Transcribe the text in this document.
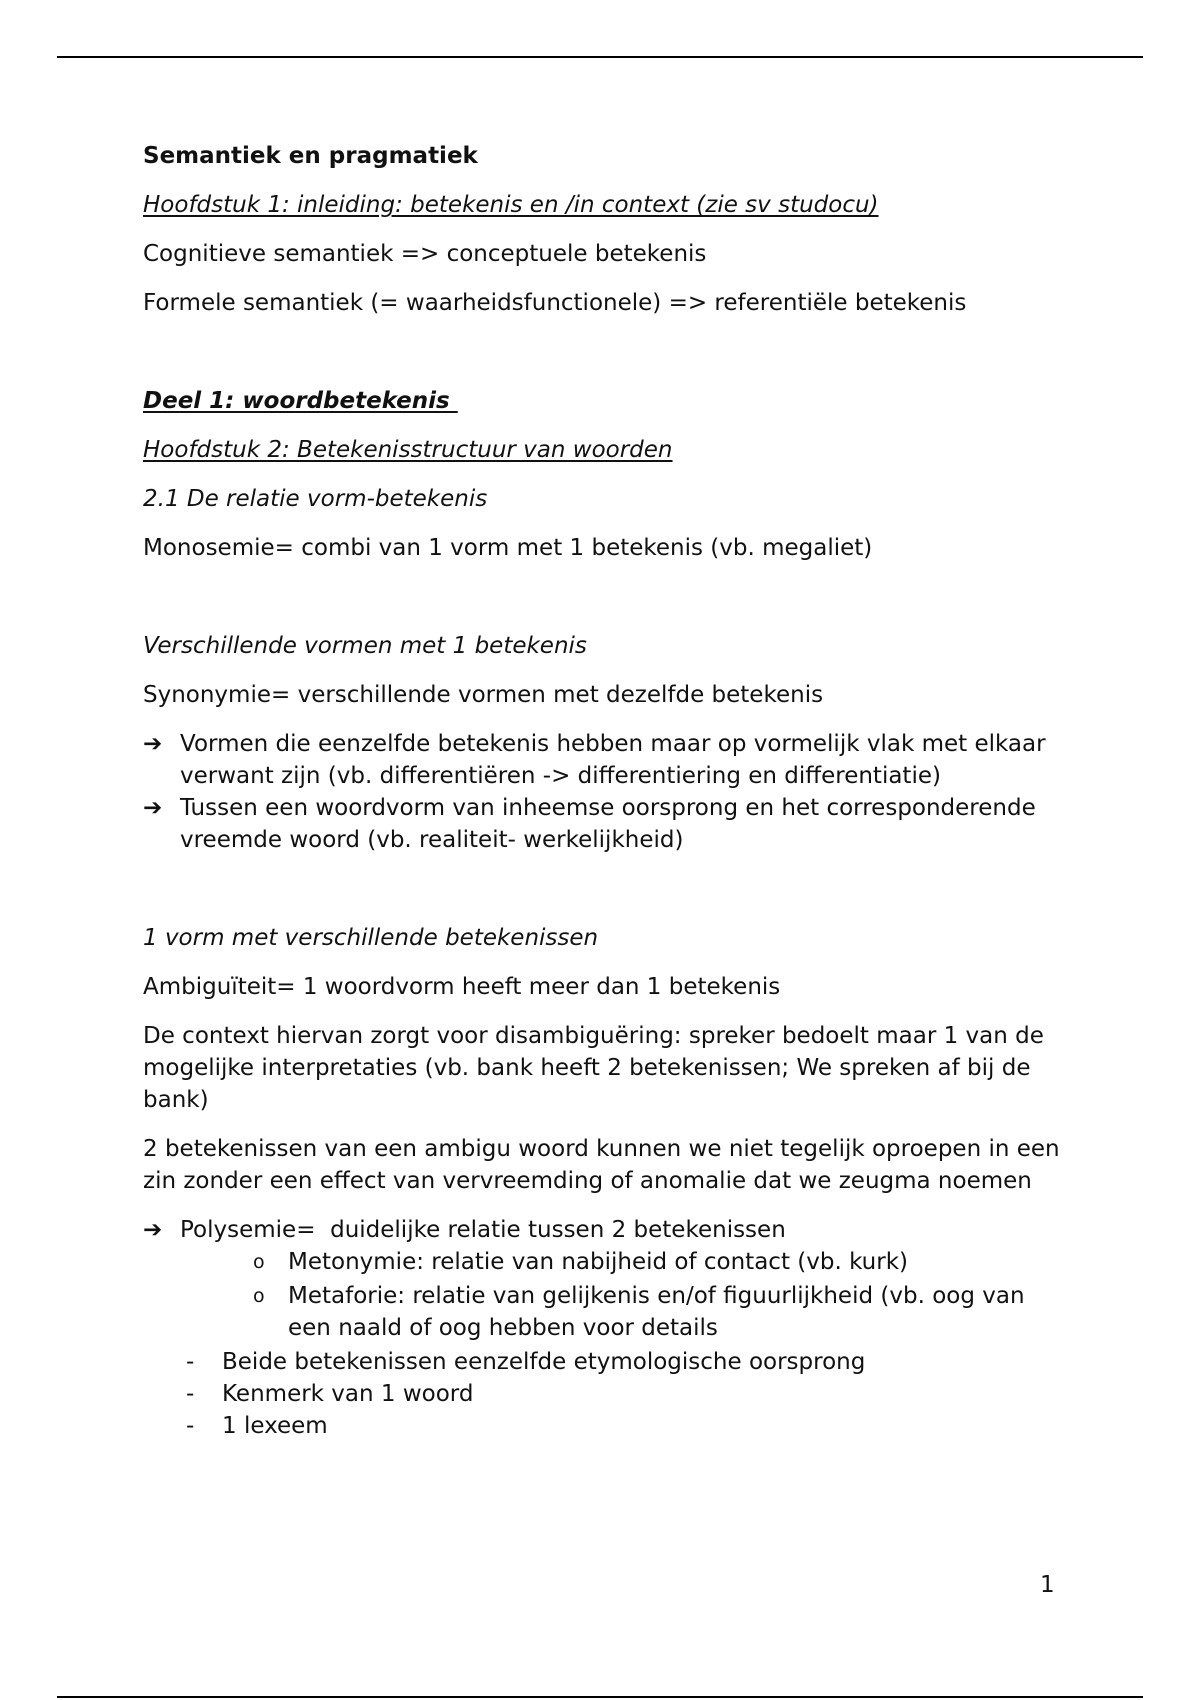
Semantiek en pragmatiek

Hoofdstuk 1: inleiding: betekenis en /in context (zie sv studocu)

Cognitieve semantiek => conceptuele betekenis

Formele semantiek (= waarheidsfunctionele) => referentiële betekenis

Deel 1: woordbetekenis

Hoofdstuk 2: Betekenisstructuur van woorden

2.1 De relatie vorm-betekenis

Monosemie= combi van 1 vorm met 1 betekenis (vb. megaliet)

Verschillende vormen met 1 betekenis

Synonymie= verschillende vormen met dezelfde betekenis

➔ Vormen die eenzelfde betekenis hebben maar op vormelijk vlak met elkaar verwant zijn (vb. differentiëren -> differentiering en differentiatie)
➔ Tussen een woordvorm van inheemse oorsprong en het corresponderende vreemde woord (vb. realiteit- werkelijkheid)

1 vorm met verschillende betekenissen

Ambiguïteit= 1 woordvorm heeft meer dan 1 betekenis

De context hiervan zorgt voor disambiguëring: spreker bedoelt maar 1 van de mogelijke interpretaties (vb. bank heeft 2 betekenissen; We spreken af bij de bank)

2 betekenissen van een ambigu woord kunnen we niet tegelijk oproepen in een zin zonder een effect van vervreemding of anomalie dat we zeugma noemen

➔ Polysemie=  duidelijke relatie tussen 2 betekenissen
o Metonymie: relatie van nabijheid of contact (vb. kurk)
o Metaforie: relatie van gelijkenis en/of figuurlijkheid (vb. oog van een naald of oog hebben voor details
- Beide betekenissen eenzelfde etymologische oorsprong
- Kenmerk van 1 woord
- 1 lexeem
1
